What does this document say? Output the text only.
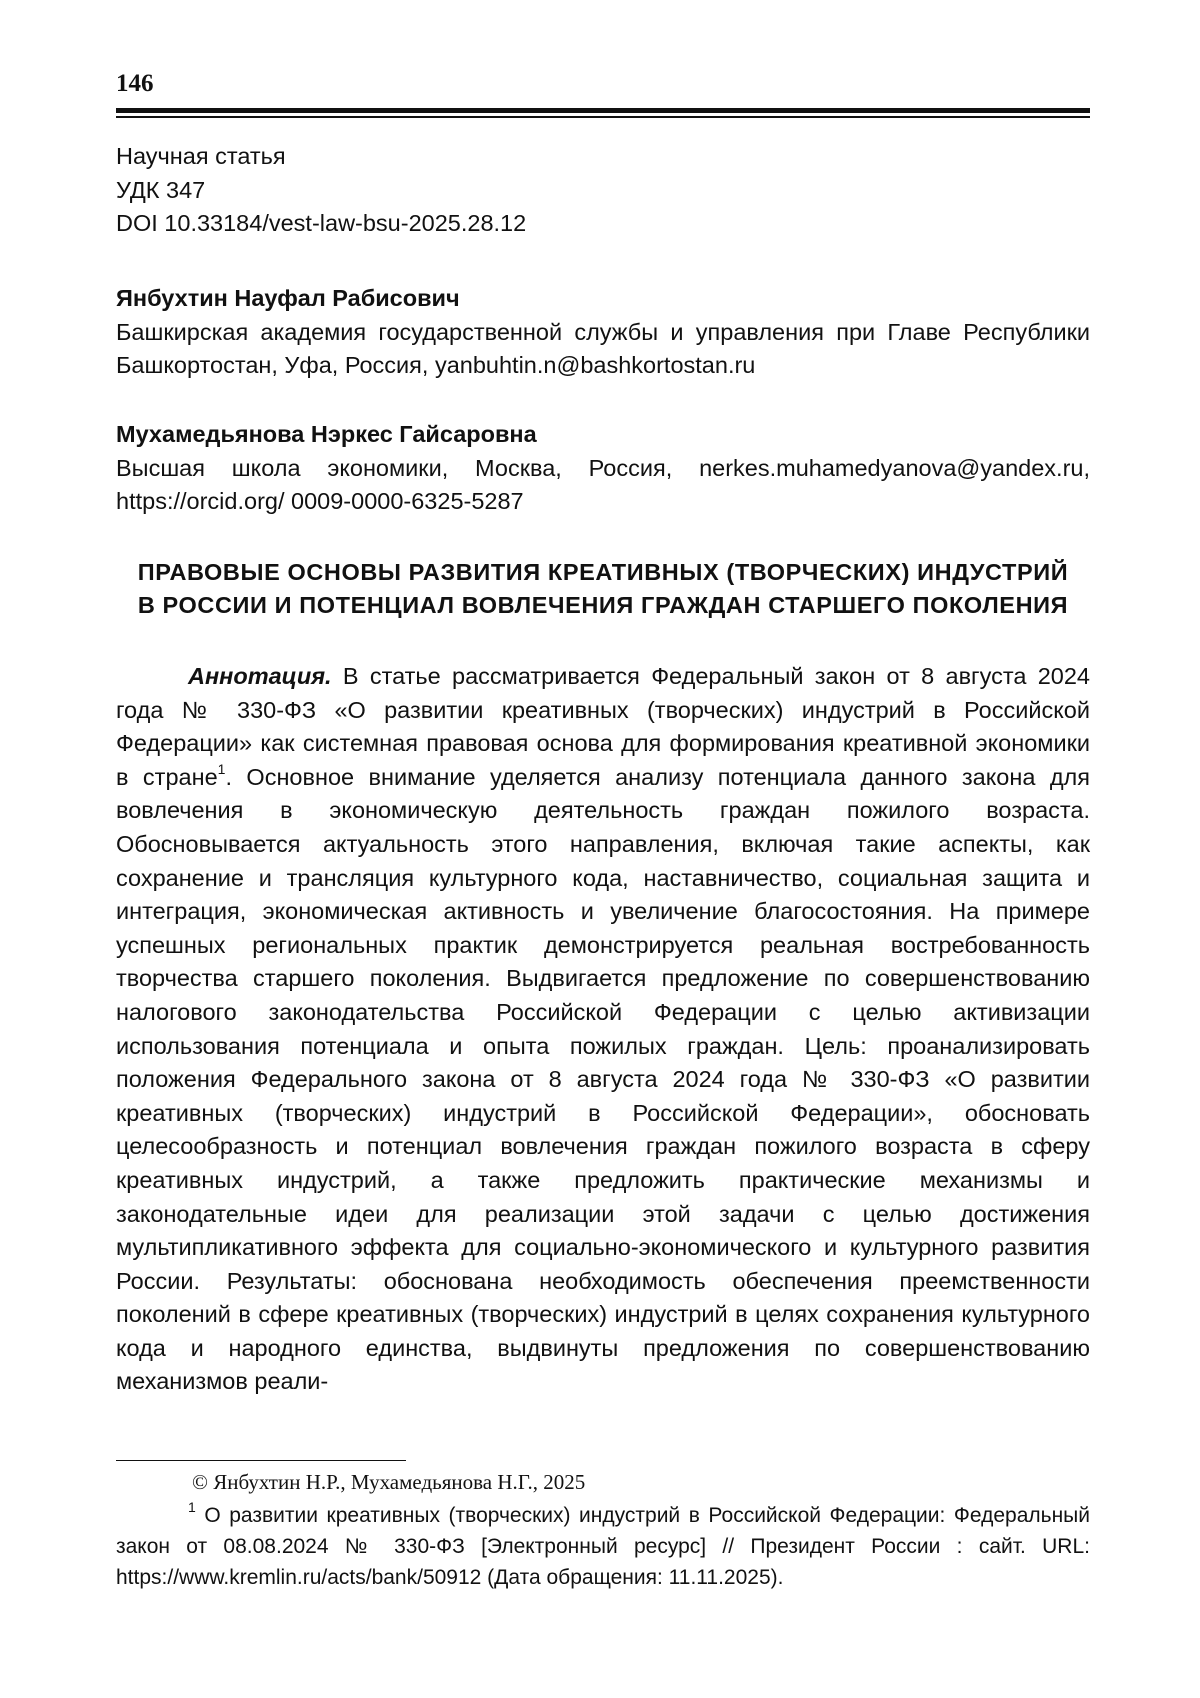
146
Научная статья
УДК 347
DOI 10.33184/vest-law-bsu-2025.28.12
Янбухтин Науфал Рабисович
Башкирская академия государственной службы и управления при Главе Республики Башкортостан, Уфа, Россия, yanbuhtin.n@bashkortostan.ru
Мухамедьянова Нэркес Гайсаровна
Высшая школа экономики, Москва, Россия, nerkes.muhamedyanova@yandex.ru, https://orcid.org/ 0009-0000-6325-5287
ПРАВОВЫЕ ОСНОВЫ РАЗВИТИЯ КРЕАТИВНЫХ (ТВОРЧЕСКИХ) ИНДУСТРИЙ
В РОССИИ И ПОТЕНЦИАЛ ВОВЛЕЧЕНИЯ ГРАЖДАН СТАРШЕГО ПОКОЛЕНИЯ
Аннотация. В статье рассматривается Федеральный закон от 8 августа 2024 года № 330-ФЗ «О развитии креативных (творческих) индустрий в Российской Федерации» как системная правовая основа для формирования креативной экономики в стране$^1$. Основное внимание уделяется анализу потенциала данного закона для вовлечения в экономическую деятельность граждан пожилого возраста. Обосновывается актуальность этого направления, включая такие аспекты, как сохранение и трансляция культурного кода, наставничество, социальная защита и интеграция, экономическая активность и увеличение благосостояния. На примере успешных региональных практик демонстрируется реальная востребованность творчества старшего поколения. Выдвигается предложение по совершенствованию налогового законодательства Российской Федерации с целью активизации использования потенциала и опыта пожилых граждан. Цель: проанализировать положения Федерального закона от 8 августа 2024 года № 330-ФЗ «О развитии креативных (творческих) индустрий в Российской Федерации», обосновать целесообразность и потенциал вовлечения граждан пожилого возраста в сферу креативных индустрий, а также предложить практические механизмы и законодательные идеи для реализации этой задачи с целью достижения мультипликативного эффекта для социально-экономического и культурного развития России. Результаты: обоснована необходимость обеспечения преемственности поколений в сфере креативных (творческих) индустрий в целях сохранения культурного кода и народного единства, выдвинуты предложения по совершенствованию механизмов реали-
© Янбухтин Н.Р., Мухамедьянова Н.Г., 2025
$^1$ О развитии креативных (творческих) индустрий в Российской Федерации: Федеральный закон от 08.08.2024 № 330-ФЗ [Электронный ресурс] // Президент России : сайт. URL: https://www.kremlin.ru/acts/bank/50912 (Дата обращения: 11.11.2025).
